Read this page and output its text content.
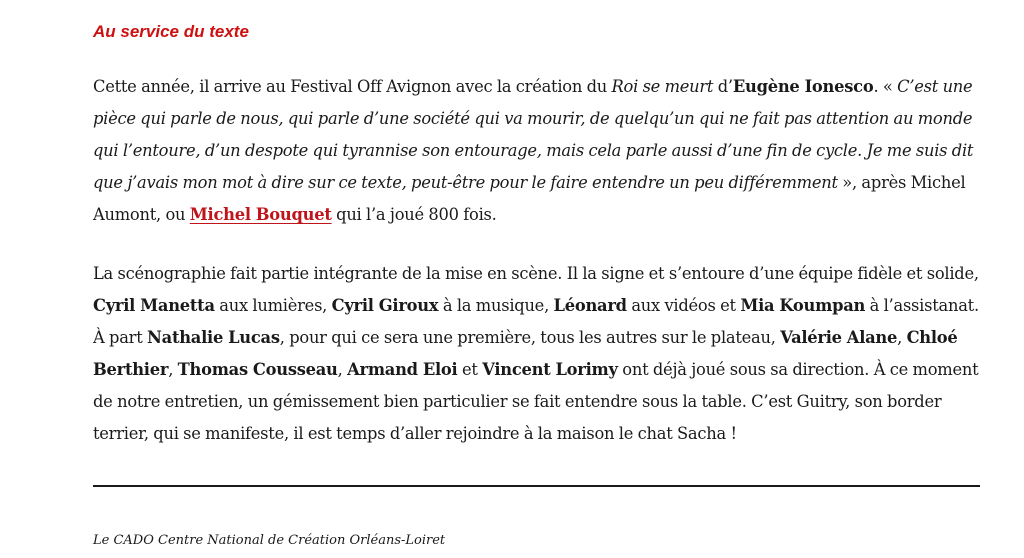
Au service du texte

Cette année, il arrive au Festival Off Avignon avec la création du Roi se meurt d’Eugène Ionesco. « C’est une pièce qui parle de nous, qui parle d’une société qui va mourir, de quelqu’un qui ne fait pas attention au monde qui l’entoure, d’un despote qui tyrannise son entourage, mais cela parle aussi d’une fin de cycle. Je me suis dit que j’avais mon mot à dire sur ce texte, peut-être pour le faire entendre un peu différemment », après Michel Aumont, ou Michel Bouquet qui l’a joué 800 fois.

La scénographie fait partie intégrante de la mise en scène. Il la signe et s’entoure d’une équipe fidèle et solide, Cyril Manetta aux lumières, Cyril Giroux à la musique, Léonard aux vidéos et Mia Koumpan à l’assistanat. À part Nathalie Lucas, pour qui ce sera une première, tous les autres sur le plateau, Valérie Alane, Chloé Berthier, Thomas Cousseau, Armand Eloi et Vincent Lorimy ont déjà joué sous sa direction. À ce moment de notre entretien, un gémissement bien particulier se fait entendre sous la table. C’est Guitry, son border terrier, qui se manifeste, il est temps d’aller rejoindre à la maison le chat Sacha !

Le CADO Centre National de Création Orléans-Loiret
